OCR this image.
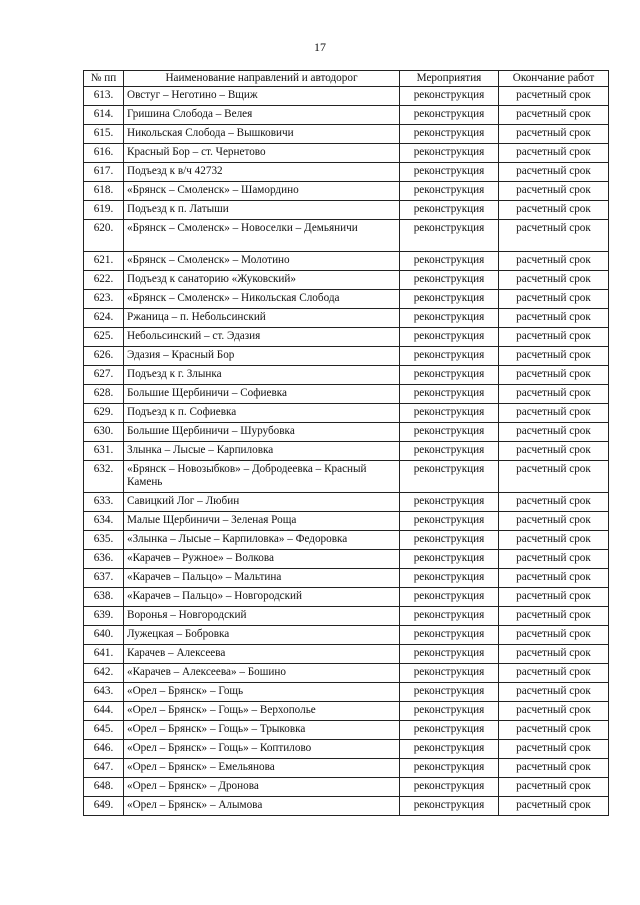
17
№ пп	Наименование направлений и автодорог	Мероприятия	Окончание работ
613.	Овстуг – Неготино – Вщиж	реконструкция	расчетный срок
614.	Гришина Слобода – Велея	реконструкция	расчетный срок
615.	Никольская Слобода – Вышковичи	реконструкция	расчетный срок
616.	Красный Бор – ст. Чернетово	реконструкция	расчетный срок
617.	Подъезд к в/ч 42732	реконструкция	расчетный срок
618.	«Брянск – Смоленск» – Шамордино	реконструкция	расчетный срок
619.	Подъезд к п. Латыши	реконструкция	расчетный срок
620.	«Брянск – Смоленск» – Новоселки – Демьяничи	реконструкция	расчетный срок
621.	«Брянск – Смоленск» – Молотино	реконструкция	расчетный срок
622.	Подъезд к санаторию «Жуковский»	реконструкция	расчетный срок
623.	«Брянск – Смоленск» – Никольская Слобода	реконструкция	расчетный срок
624.	Ржаница – п. Небольсинский	реконструкция	расчетный срок
625.	Небольсинский – ст. Эдазия	реконструкция	расчетный срок
626.	Эдазия – Красный Бор	реконструкция	расчетный срок
627.	Подъезд к г. Злынка	реконструкция	расчетный срок
628.	Большие Щербиничи – Софиевка	реконструкция	расчетный срок
629.	Подъезд к п. Софиевка	реконструкция	расчетный срок
630.	Большие Щербиничи – Шурубовка	реконструкция	расчетный срок
631.	Злынка – Лысые – Карпиловка	реконструкция	расчетный срок
632.	«Брянск – Новозыбков» – Добродеевка – Красный Камень	реконструкция	расчетный срок
633.	Савицкий Лог – Любин	реконструкция	расчетный срок
634.	Малые Щербиничи – Зеленая Роща	реконструкция	расчетный срок
635.	«Злынка – Лысые – Карпиловка» – Федоровка	реконструкция	расчетный срок
636.	«Карачев – Ружное» – Волкова	реконструкция	расчетный срок
637.	«Карачев – Пальцо» – Мальтина	реконструкция	расчетный срок
638.	«Карачев – Пальцо» – Новгородский	реконструкция	расчетный срок
639.	Воронья – Новгородский	реконструкция	расчетный срок
640.	Лужецкая – Бобровка	реконструкция	расчетный срок
641.	Карачев – Алексеева	реконструкция	расчетный срок
642.	«Карачев – Алексеева» – Бошино	реконструкция	расчетный срок
643.	«Орел – Брянск» – Гощь	реконструкция	расчетный срок
644.	«Орел – Брянск» – Гощь» – Верхополье	реконструкция	расчетный срок
645.	«Орел – Брянск» – Гощь» – Трыковка	реконструкция	расчетный срок
646.	«Орел – Брянск» – Гощь» – Коптилово	реконструкция	расчетный срок
647.	«Орел – Брянск» – Емельянова	реконструкция	расчетный срок
648.	«Орел – Брянск» – Дронова	реконструкция	расчетный срок
649.	«Орел – Брянск» – Алымова	реконструкция	расчетный срок
